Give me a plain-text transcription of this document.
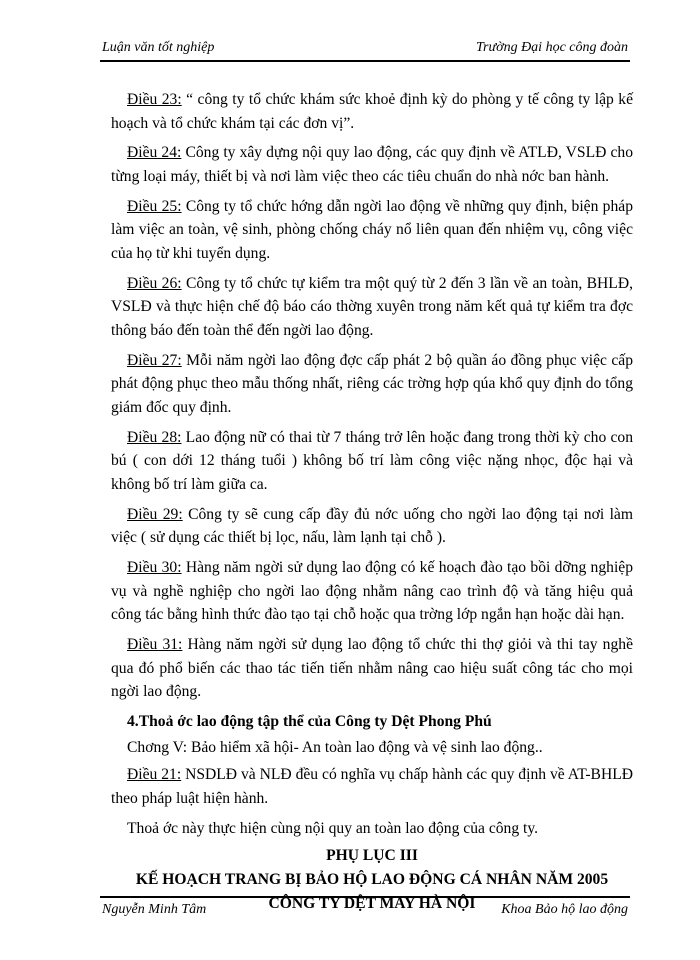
Luận văn tốt nghiệp	Trường Đại học công đoàn

Điều 23: “ công ty tổ chức khám sức khoẻ định kỳ do phòng y tế công ty lập kế hoạch và tổ chức khám tại các đơn vị”.

Điều 24: Công ty xây dựng nội quy lao động, các quy định về ATLĐ, VSLĐ cho từng loại máy, thiết bị và nơi làm việc theo các tiêu chuẩn do nhà nớc ban hành.

Điều 25: Công ty tổ chức hớng dẫn ngời lao động về những quy định, biện pháp làm việc an toàn, vệ sinh, phòng chống cháy nổ liên quan đến nhiệm vụ, công việc của họ từ khi tuyển dụng.

Điều 26: Công ty tổ chức tự kiểm tra một quý từ 2 đến 3 lần về an toàn, BHLĐ, VSLĐ và thực hiện chế độ báo cáo thờng xuyên trong năm kết quả tự kiểm tra đợc thông báo đến toàn thể đến ngời lao động.

Điều 27: Mỗi năm ngời lao động đợc cấp phát 2 bộ quần áo đồng phục việc cấp phát động phục theo mẫu thống nhất, riêng các trờng hợp qúa khổ quy định do tổng giám đốc quy định.

Điều 28: Lao động nữ có thai từ 7 tháng trở lên hoặc đang trong thời kỳ cho con bú ( con dới 12 tháng tuổi ) không bố trí làm công việc nặng nhọc, độc hại và không bố trí làm giữa ca.

Điều 29: Công ty sẽ cung cấp đầy đủ nớc uống cho ngời lao động tại nơi làm việc ( sử dụng các thiết bị lọc, nấu, làm lạnh tại chỗ ).

Điều 30: Hàng năm ngời sử dụng lao động có kế hoạch đào tạo bồi dỡng nghiệp vụ và nghề nghiệp cho ngời lao động nhằm nâng cao trình độ và tăng hiệu quả công tác bằng hình thức đào tạo tại chỗ hoặc qua trờng lớp ngắn hạn hoặc dài hạn.

Điều 31: Hàng năm ngời sử dụng lao động tổ chức thi thợ giỏi và thi tay nghề qua đó phổ biến các thao tác tiến tiến nhằm nâng cao hiệu suất công tác cho mọi ngời lao động.

4.Thoả ớc lao động tập thể của Công ty Dệt Phong Phú

Chơng V: Bảo hiểm xã hội- An toàn lao động và vệ sinh lao động..

Điều 21: NSDLĐ và NLĐ đều có nghĩa vụ chấp hành các quy định về AT-BHLĐ theo pháp luật hiện hành.

Thoả ớc này thực hiện cùng nội quy an toàn lao động của công ty.

PHỤ LỤC III
KẾ HOẠCH TRANG BỊ BẢO HỘ LAO ĐỘNG CÁ NHÂN NĂM 2005
CÔNG TY DỆT MAY HÀ NỘI
Nguyễn Minh Tâm	Khoa Bảo hộ lao động
